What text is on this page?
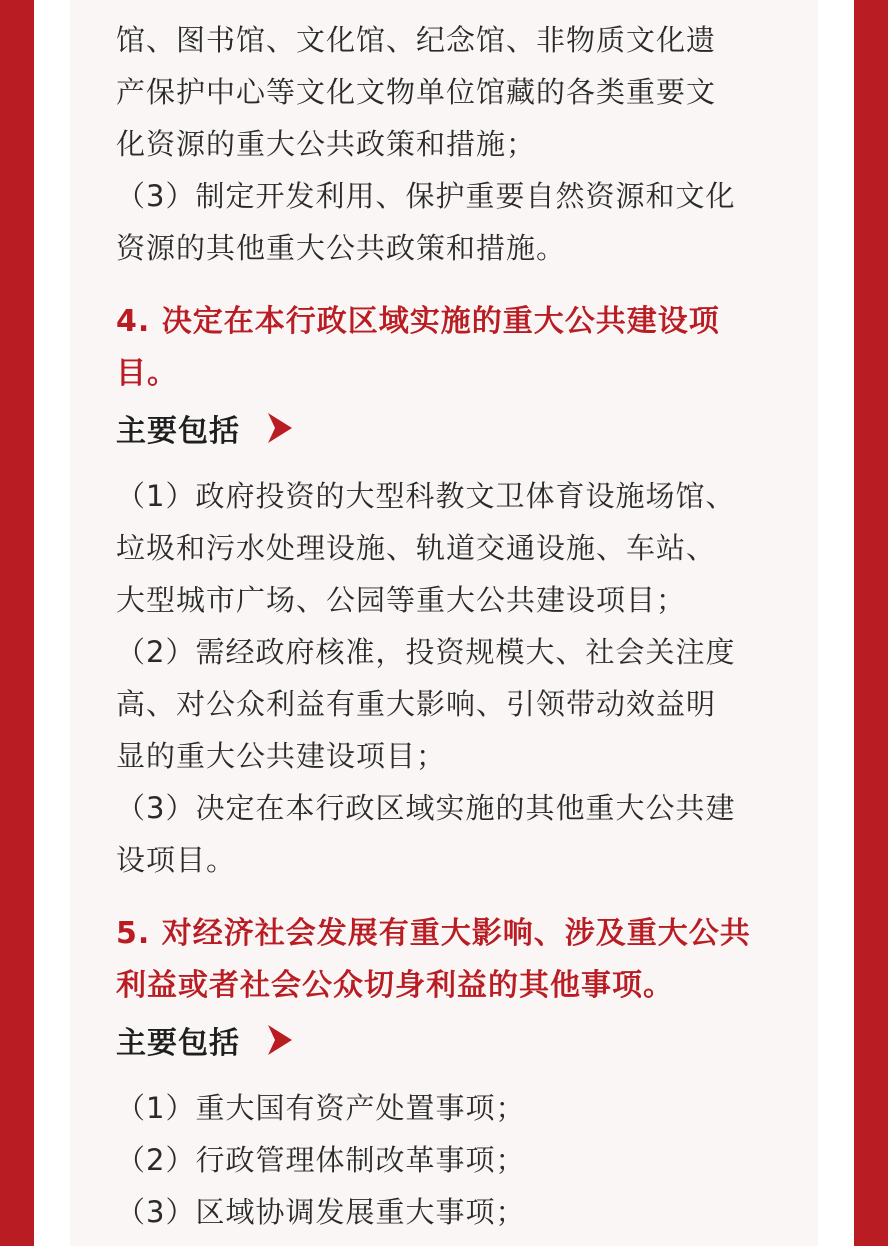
馆、图书馆、文化馆、纪念馆、非物质文化遗

产保护中心等文化文物单位馆藏的各类重要文

化资源的重大公共政策和措施；

（3）制定开发利用、保护重要自然资源和文化

资源的其他重大公共政策和措施。

4. 决定在本行政区域实施的重大公共建设项

目。

主要包括

（1）政府投资的大型科教文卫体育设施场馆、

垃圾和污水处理设施、轨道交通设施、车站、

大型城市广场、公园等重大公共建设项目；

（2）需经政府核准，投资规模大、社会关注度

高、对公众利益有重大影响、引领带动效益明

显的重大公共建设项目；

（3）决定在本行政区域实施的其他重大公共建

设项目。

5. 对经济社会发展有重大影响、涉及重大公共

利益或者社会公众切身利益的其他事项。

主要包括

（1）重大国有资产处置事项；

（2）行政管理体制改革事项；

（3）区域协调发展重大事项；
